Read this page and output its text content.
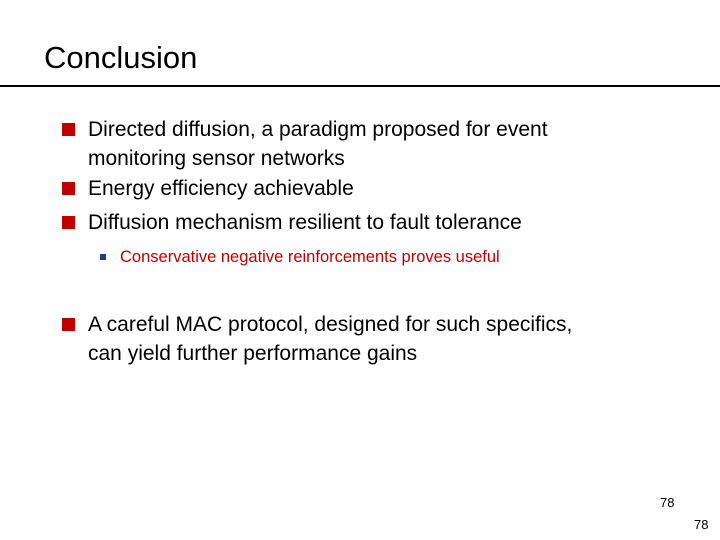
Conclusion
Directed diffusion, a paradigm proposed for event
monitoring sensor networks
Energy efficiency achievable
Diffusion mechanism resilient to fault tolerance
Conservative negative reinforcements proves useful
A careful MAC protocol, designed for such specifics,
can yield further performance gains
78
78
